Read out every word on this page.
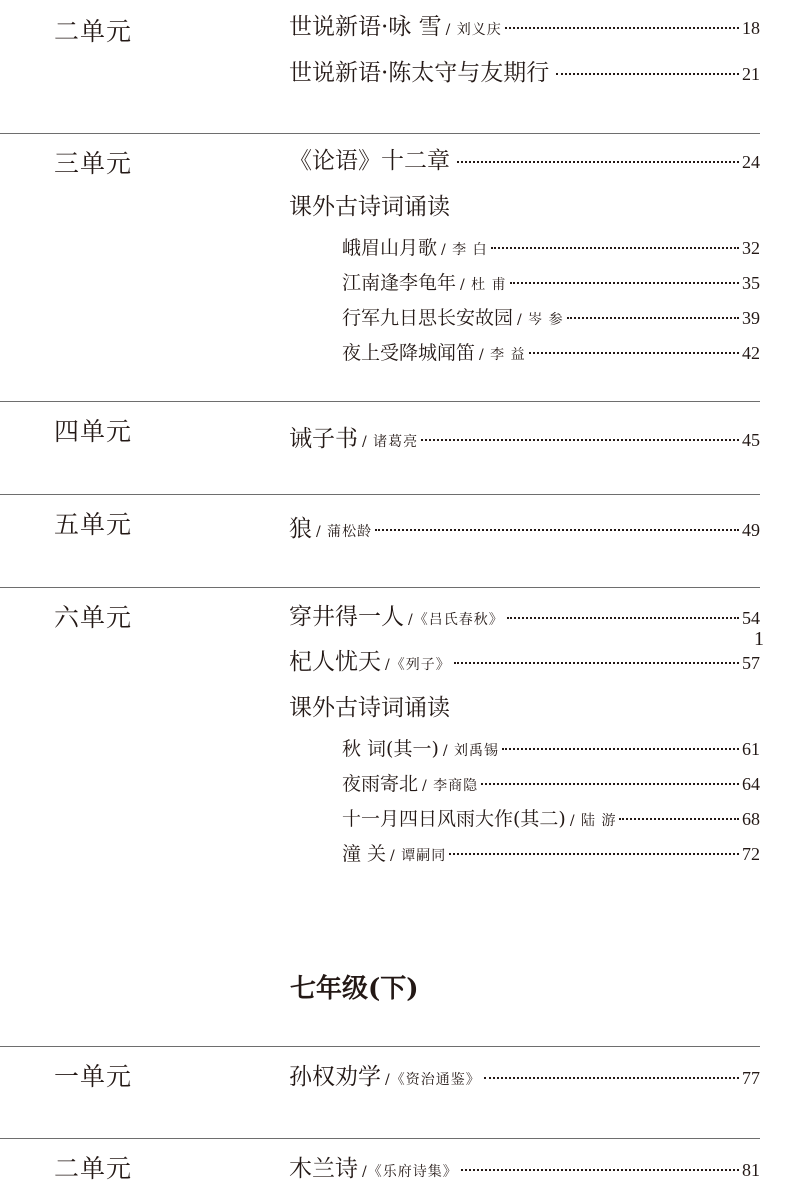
二单元	世说新语·咏 雪 / 刘义庆	18
世说新语·陈太守与友期行	21
三单元	《论语》十二章	24
课外古诗词诵读
峨眉山月歌 / 李 白	32
江南逢李龟年 / 杜 甫	35
行军九日思长安故园 / 岑 参	39
夜上受降城闻笛 / 李 益	42
四单元	诫子书 / 诸葛亮	45
五单元	狼 / 蒲松龄	49
六单元	穿井得一人 /《吕氏春秋》	54
1
杞人忧天 /《列子》	57
课外古诗词诵读
秋 词(其一) / 刘禹锡	61
夜雨寄北 / 李商隐	64
十一月四日风雨大作(其二) / 陆 游	68
潼 关 / 谭嗣同	72
七年级(下)
一单元	孙权劝学 /《资治通鉴》	77
二单元	木兰诗 /《乐府诗集》	81
